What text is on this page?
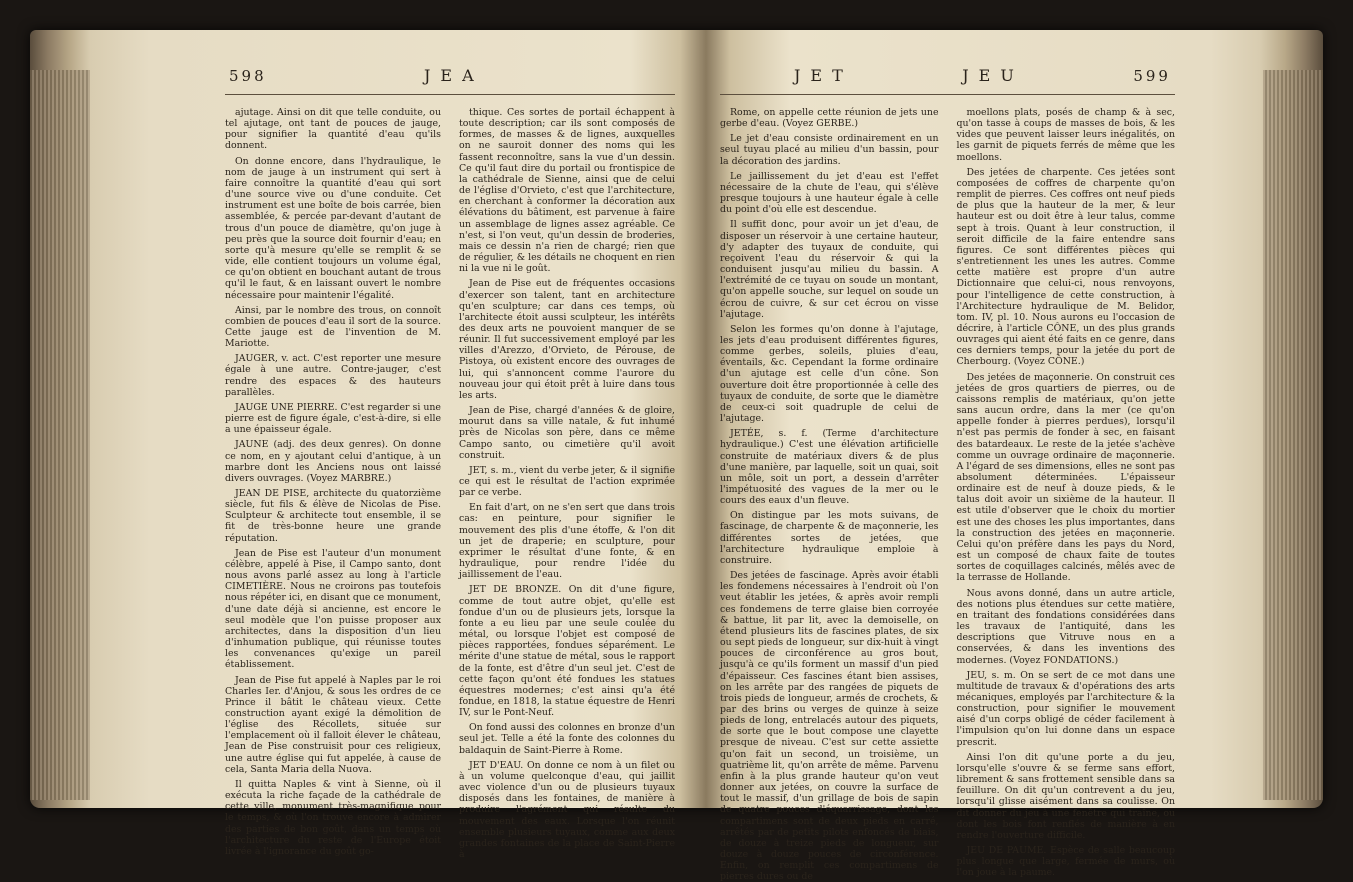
598	JEA

ajutage. Ainsi on dit que telle conduite, ou tel ajutage, ont tant de pouces de jauge, pour signifier la quantité d'eau qu'ils donnent.

On donne encore, dans l'hydraulique, le nom de jauge à un instrument qui sert à faire connoître la quantité d'eau qui sort d'une source vive ou d'une conduite. Cet instrument est une boîte de bois carrée, bien assemblée, & percée par-devant d'autant de trous d'un pouce de diamètre, qu'on juge à peu près que la source doit fournir d'eau; en sorte qu'à mesure qu'elle se remplit & se vide, elle contient toujours un volume égal, ce qu'on obtient en bouchant autant de trous qu'il le faut, & en laissant ouvert le nombre nécessaire pour maintenir l'égalité.

Ainsi, par le nombre des trous, on connoît combien de pouces d'eau il sort de la source. Cette jauge est de l'invention de M. Mariotte.

JAUGER, v. act. C'est reporter une mesure égale à une autre. Contre-jauger, c'est rendre des espaces & des hauteurs parallèles.

JAUGE UNE PIERRE. C'est regarder si une pierre est de figure égale, c'est-à-dire, si elle a une épaisseur égale.

JAUNE (adj. des deux genres). On donne ce nom, en y ajoutant celui d'antique, à un marbre dont les Anciens nous ont laissé divers ouvrages. (Voyez MARBRE.)

JEAN DE PISE, architecte du quatorzième siècle, fut fils & élève de Nicolas de Pise. Sculpteur & architecte tout ensemble, il se fit de très-bonne heure une grande réputation.

Jean de Pise est l'auteur d'un monument célèbre, appelé à Pise, il Campo santo, dont nous avons parlé assez au long à l'article CIMETIÈRE. Nous ne croirons pas toutefois nous répéter ici, en disant que ce monument, d'une date déjà si ancienne, est encore le seul modèle que l'on puisse proposer aux architectes, dans la disposition d'un lieu d'inhumation publique, qui réunisse toutes les convenances qu'exige un pareil établissement.

Jean de Pise fut appelé à Naples par le roi Charles Ier. d'Anjou, & sous les ordres de ce Prince il bâtit le château vieux. Cette construction ayant exigé la démolition de l'église des Récollets, située sur l'emplacement où il falloit élever le château, Jean de Pise construisit pour ces religieux, une autre église qui fut appelée, à cause de cela, Santa Maria della Nuova.

Il quitta Naples & vint à Sienne, où il exécuta la riche façade de la cathédrale de cette ville, monument très-magnifique pour le temps, & où l'on trouve encore à admirer des parties de bon goût, dans un temps où l'architecture du reste de l'Europe étoit livrée à l'ignorance du goût go-

thique. Ces sortes de portail échappent à toute description; car ils sont composés de formes, de masses & de lignes, auxquelles on ne sauroit donner des noms qui les fassent reconnoître, sans la vue d'un dessin. Ce qu'il faut dire du portail ou frontispice de la cathédrale de Sienne, ainsi que de celui de l'église d'Orvieto, c'est que l'architecture, en cherchant à conformer la décoration aux élévations du bâtiment, est parvenue à faire un assemblage de lignes assez agréable. Ce n'est, si l'on veut, qu'un dessin de broderies, mais ce dessin n'a rien de chargé; rien que de régulier, & les détails ne choquent en rien ni la vue ni le goût.

Jean de Pise eut de fréquentes occasions d'exercer son talent, tant en architecture qu'en sculpture; car dans ces temps, où l'architecte étoit aussi sculpteur, les intérêts des deux arts ne pouvoient manquer de se réunir. Il fut successivement employé par les villes d'Arezzo, d'Orvieto, de Pérouse, de Pistoya, où existent encore des ouvrages de lui, qui s'annoncent comme l'aurore du nouveau jour qui étoit prêt à luire dans tous les arts.

Jean de Pise, chargé d'années & de gloire, mourut dans sa ville natale, & fut inhumé près de Nicolas son père, dans ce même Campo santo, ou cimetière qu'il avoit construit.

JET, s. m., vient du verbe jeter, & il signifie ce qui est le résultat de l'action exprimée par ce verbe.

En fait d'art, on ne s'en sert que dans trois cas: en peinture, pour signifier le mouvement des plis d'une étoffe, & l'on dit un jet de draperie; en sculpture, pour exprimer le résultat d'une fonte, & en hydraulique, pour rendre l'idée du jaillissement de l'eau.

JET DE BRONZE. On dit d'une figure, comme de tout autre objet, qu'elle est fondue d'un ou de plusieurs jets, lorsque la fonte a eu lieu par une seule coulée du métal, ou lorsque l'objet est composé de pièces rapportées, fondues séparément. Le mérite d'une statue de métal, sous le rapport de la fonte, est d'être d'un seul jet. C'est de cette façon qu'ont été fondues les statues équestres modernes; c'est ainsi qu'a été fondue, en 1818, la statue équestre de Henri IV, sur le Pont-Neuf.

On fond aussi des colonnes en bronze d'un seul jet. Telle a été la fonte des colonnes du baldaquin de Saint-Pierre à Rome.

JET D'EAU. On donne ce nom à un filet ou à un volume quelconque d'eau, qui jaillit avec violence d'un ou de plusieurs tuyaux disposés dans les fontaines, de manière à produire l'agrément qui résulte du mouvement des eaux. Lorsque l'on réunit ensemble plusieurs tuyaux, comme aux deux grandes fontaines de la place de Saint-Pierre à

JET	JEU	599

Rome, on appelle cette réunion de jets une gerbe d'eau. (Voyez GERBE.)

Le jet d'eau consiste ordinairement en un seul tuyau placé au milieu d'un bassin, pour la décoration des jardins.

Le jaillissement du jet d'eau est l'effet nécessaire de la chute de l'eau, qui s'élève presque toujours à une hauteur égale à celle du point d'où elle est descendue.

Il suffit donc, pour avoir un jet d'eau, de disposer un réservoir à une certaine hauteur, d'y adapter des tuyaux de conduite, qui reçoivent l'eau du réservoir & qui la conduisent jusqu'au milieu du bassin. A l'extrémité de ce tuyau on soude un montant, qu'on appelle souche, sur lequel on soude un écrou de cuivre, & sur cet écrou on visse l'ajutage.

Selon les formes qu'on donne à l'ajutage, les jets d'eau produisent différentes figures, comme gerbes, soleils, pluies d'eau, éventails, &c. Cependant la forme ordinaire d'un ajutage est celle d'un cône. Son ouverture doit être proportionnée à celle des tuyaux de conduite, de sorte que le diamètre de ceux-ci soit quadruple de celui de l'ajutage.

JETÉE, s. f. (Terme d'architecture hydraulique.) C'est une élévation artificielle construite de matériaux divers & de plus d'une manière, par laquelle, soit un quai, soit un môle, soit un port, a dessein d'arrêter l'impétuosité des vagues de la mer ou le cours des eaux d'un fleuve.

On distingue par les mots suivans, de fascinage, de charpente & de maçonnerie, les différentes sortes de jetées, que l'architecture hydraulique emploie à construire.

Des jetées de fascinage. Après avoir établi les fondemens nécessaires à l'endroit où l'on veut établir les jetées, & après avoir rempli ces fondemens de terre glaise bien corroyée & battue, lit par lit, avec la demoiselle, on étend plusieurs lits de fascines plates, de six ou sept pieds de longueur, sur dix-huit à vingt pouces de circonférence au gros bout, jusqu'à ce qu'ils forment un massif d'un pied d'épaisseur. Ces fascines étant bien assises, on les arrête par des rangées de piquets de trois pieds de longueur, armés de crochets, & par des brins ou verges de quinze à seize pieds de long, entrelacés autour des piquets, de sorte que le bout compose une clayette presque de niveau. C'est sur cette assiette qu'on fait un second, un troisième, un quatrième lit, qu'on arrête de même. Parvenu enfin à la plus grande hauteur qu'on veut donner aux jetées, on couvre la surface de tout le massif, d'un grillage de bois de sapin de quatre pouces d'équarrissage, dont les compartimens sont de deux pieds en carré, arrêtés par de petits pilots enfoncés de biais, de douze à treize pieds de longueur, sur douze à douze pouces de circonférence. Enfin, on remplit ces compartimens de pierres dures ou de

moellons plats, posés de champ & à sec, qu'on tasse à coups de masses de bois, & les vides que peuvent laisser leurs inégalités, on les garnit de piquets ferrés de même que les moellons.

Des jetées de charpente. Ces jetées sont composées de coffres de charpente qu'on remplit de pierres. Ces coffres ont neuf pieds de plus que la hauteur de la mer, & leur hauteur est ou doit être à leur talus, comme sept à trois. Quant à leur construction, il seroit difficile de la faire entendre sans figures. Ce sont différentes pièces qui s'entretiennent les unes les autres. Comme cette matière est propre d'un autre Dictionnaire que celui-ci, nous renvoyons, pour l'intelligence de cette construction, à l'Architecture hydraulique de M. Belidor, tom. IV, pl. 10. Nous aurons eu l'occasion de décrire, à l'article CÔNE, un des plus grands ouvrages qui aient été faits en ce genre, dans ces derniers temps, pour la jetée du port de Cherbourg. (Voyez CÔNE.)

Des jetées de maçonnerie. On construit ces jetées de gros quartiers de pierres, ou de caissons remplis de matériaux, qu'on jette sans aucun ordre, dans la mer (ce qu'on appelle fonder à pierres perdues), lorsqu'il n'est pas permis de fonder à sec, en faisant des batardeaux. Le reste de la jetée s'achève comme un ouvrage ordinaire de maçonnerie. A l'égard de ses dimensions, elles ne sont pas absolument déterminées. L'épaisseur ordinaire est de neuf à douze pieds, & le talus doit avoir un sixième de la hauteur. Il est utile d'observer que le choix du mortier est une des choses les plus importantes, dans la construction des jetées en maçonnerie. Celui qu'on préfère dans les pays du Nord, est un composé de chaux faite de toutes sortes de coquillages calcinés, mêlés avec de la terrasse de Hollande.

Nous avons donné, dans un autre article, des notions plus étendues sur cette matière, en traitant des fondations considérées dans les travaux de l'antiquité, dans les descriptions que Vitruve nous en a conservées, & dans les inventions des modernes. (Voyez FONDATIONS.)

JEU, s. m. On se sert de ce mot dans une multitude de travaux & d'opérations des arts mécaniques, employés par l'architecture & la construction, pour signifier le mouvement aisé d'un corps obligé de céder facilement à l'impulsion qu'on lui donne dans un espace prescrit.

Ainsi l'on dit qu'une porte a du jeu, lorsqu'elle s'ouvre & se ferme sans effort, librement & sans frottement sensible dans sa feuillure. On dit qu'un contrevent a du jeu, lorsqu'il glisse aisément dans sa coulisse. On dit donner du jeu à une fenêtre qui traîne, ou dont les bois font renflés de manière à en rendre l'ouverture difficile.

JEU DE PAUME. Espèce de salle beaucoup plus longue que large, fermée de murs, où l'on joue à la paume.
